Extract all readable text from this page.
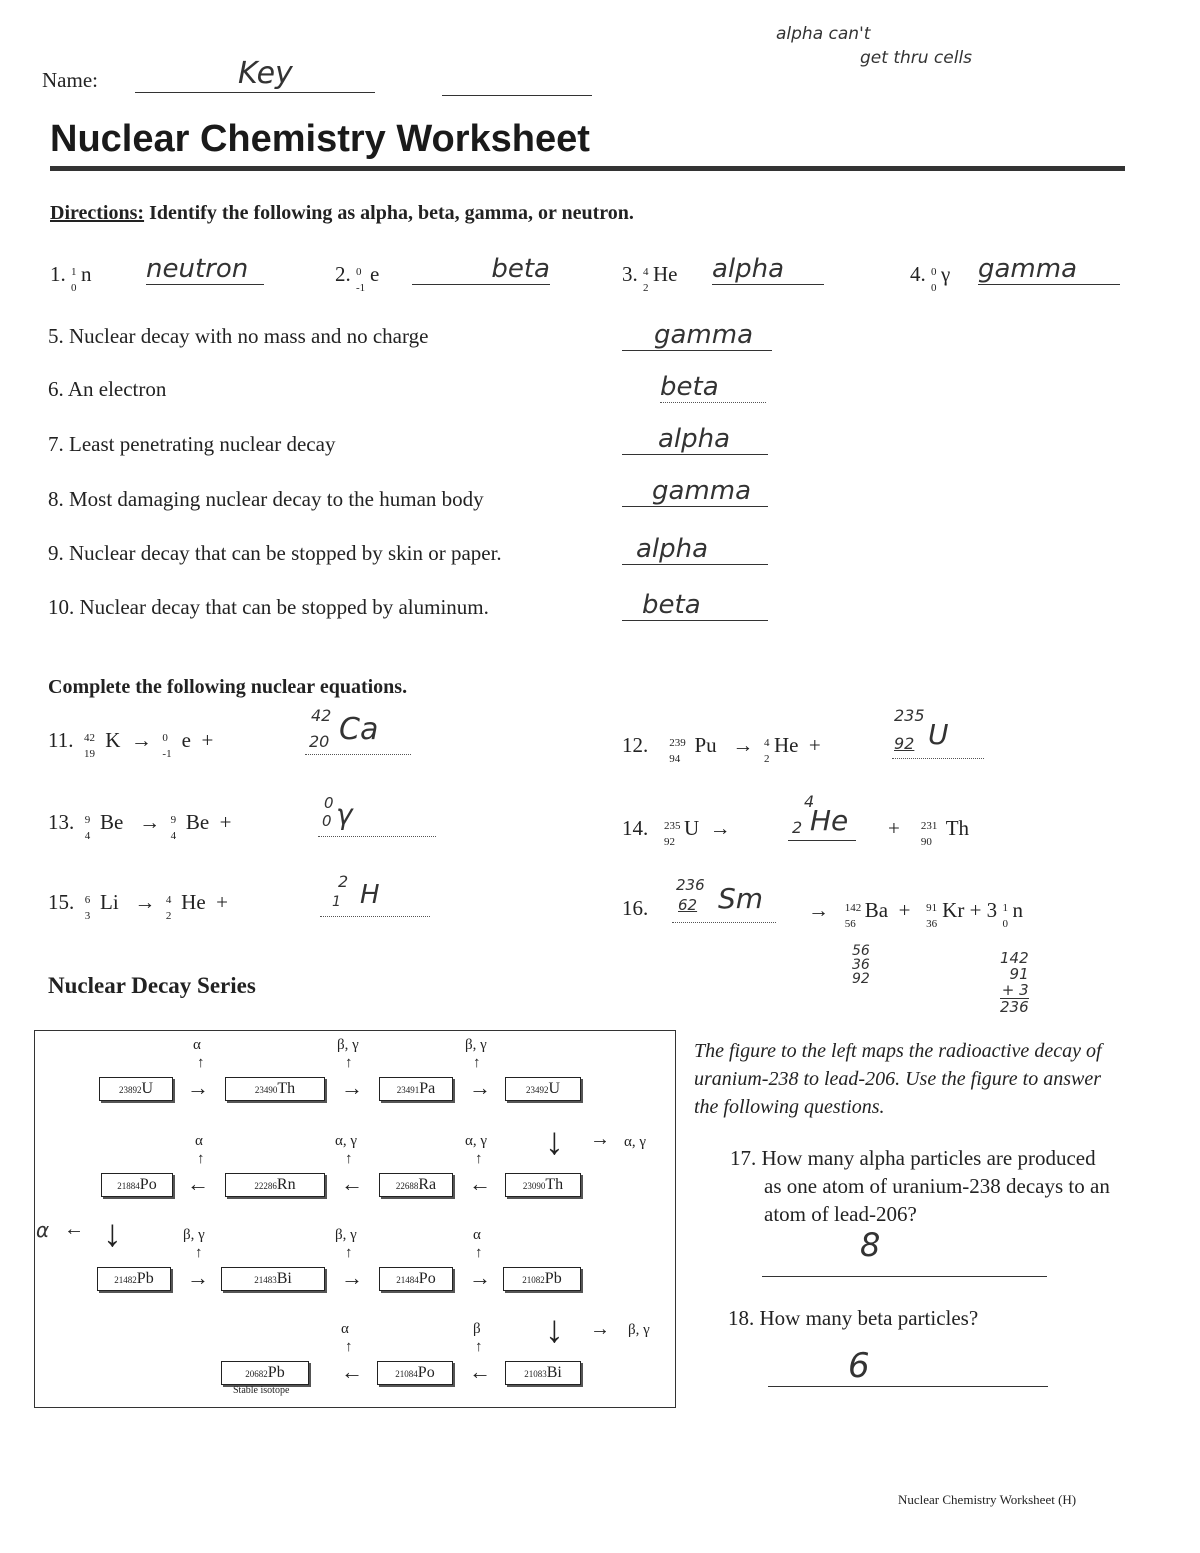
Name:	Key
alpha can't
get thru cells
Nuclear Chemistry Worksheet
Directions: Identify the following as alpha, beta, gamma, or neutron.
1. 1
0
n neutron	2. 0
-1
e	beta	3. 4
2
He alpha	4. 0
0
γ gamma
5. Nuclear decay with no mass and no charge	gamma
6. An electron	beta
7. Least penetrating nuclear decay	alpha
8. Most damaging nuclear decay to the human body	gamma
9. Nuclear decay that can be stopped by skin or paper.	alpha
10. Nuclear decay that can be stopped by aluminum.	beta
Complete the following nuclear equations.
11. 42
19
K  → 0
-1
e  +
42
20 Ca	12. 239
94
Pu   → 4
2
He  +
235
92 U
13. 9
4
Be   → 9
4
Be  +
0
0 γ	14. 235
92
U  →
4
2 He + 231
90
Th
15. 6
3
Li   → 4
2
He  +
2
1 H	16.
236
62 Sm → 142
56
Ba  + 91
36
Kr + 3 1
0
n
56
36
92
142
91
+ 3
236
Nuclear Decay Series
23892U	→	23490Th	→	23491Pa	→	23492U
α
↑
β, γ
↑
β, γ
↑
↓
21884Po	←	22286Rn	←	22688Ra	←	23090Th
α
↑
α, γ
↑
α, γ
↑
↓
21482Pb	→	21483Bi	→	21484Po	→	21082Pb
β, γ
↑
β, γ
↑
α
↑
↓
20682Pb
Stable isotope
←	21084Po	←	21083Bi
α
↑
β
↑
→ α, γ
α ←
→ β, γ
The figure to the left maps the radioactive decay of uranium-238 to lead-206. Use the figure to answer the following questions.
17. How many alpha particles are produced as one atom of uranium-238 decays to an atom of lead-206?
8
18. How many beta particles?
6
Nuclear Chemistry Worksheet (H)
